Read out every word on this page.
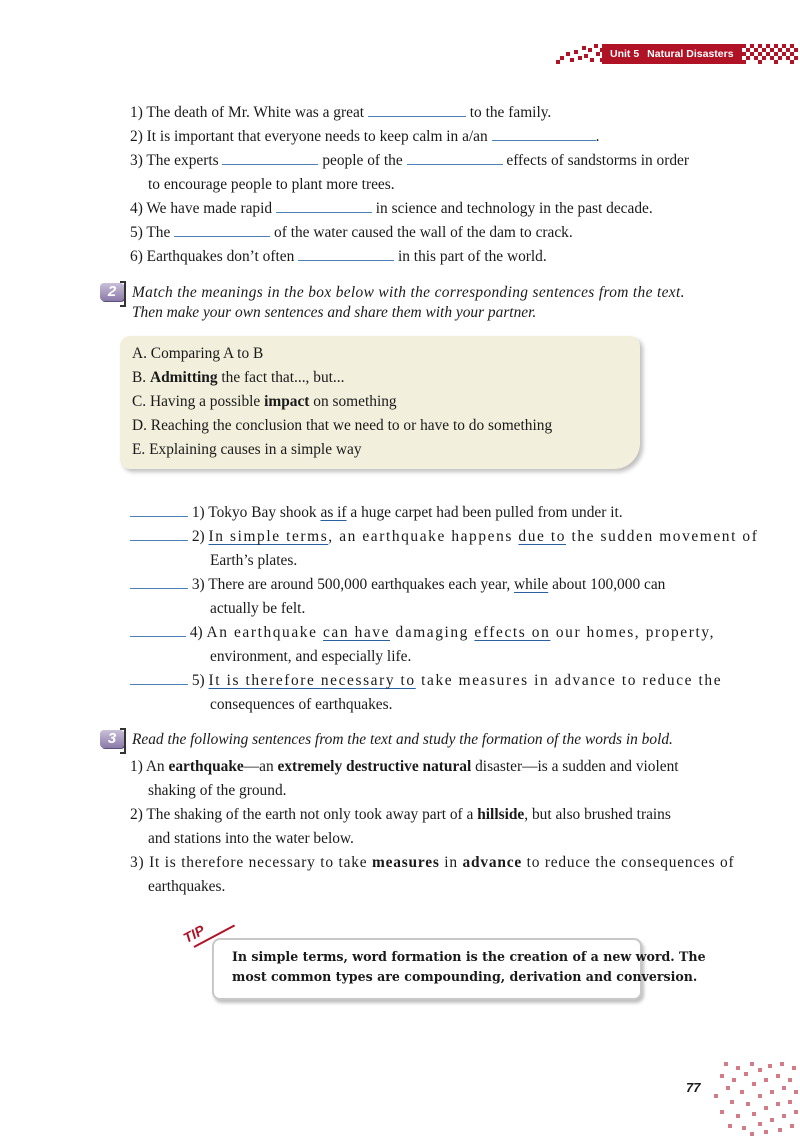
Unit 5 Natural Disasters
1) The death of Mr. White was a great	to the family.
2) It is important that everyone needs to keep calm in a/an	.
3) The experts	people of the	effects of sandstorms in order
to encourage people to plant more trees.
4) We have made rapid	in science and technology in the past decade.
5) The	of the water caused the wall of the dam to crack.
6) Earthquakes don’t often	in this part of the world.
2	Match the meanings in the box below with the corresponding sentences from the text.
Then make your own sentences and share them with your partner.
A. Comparing A to B
B. Admitting the fact that..., but...
C. Having a possible impact on something
D. Reaching the conclusion that we need to or have to do something
E. Explaining causes in a simple way
1) Tokyo Bay shook as if a huge carpet had been pulled from under it.
2) In simple terms, an earthquake happens due to the sudden movement of
Earth’s plates.
3) There are around 500,000 earthquakes each year, while about 100,000 can
actually be felt.
4) An earthquake can have damaging effects on our homes, property,
environment, and especially life.
5) It is therefore necessary to take measures in advance to reduce the
consequences of earthquakes.
3	Read the following sentences from the text and study the formation of the words in bold.
1) An earthquake—an extremely destructive natural disaster—is a sudden and violent
shaking of the ground.
2) The shaking of the earth not only took away part of a hillside, but also brushed trains
and stations into the water below.
3) It is therefore necessary to take measures in advance to reduce the consequences of
earthquakes.
In simple terms, word formation is the creation of a new word. The
most common types are compounding, derivation and conversion.
TIP
77
